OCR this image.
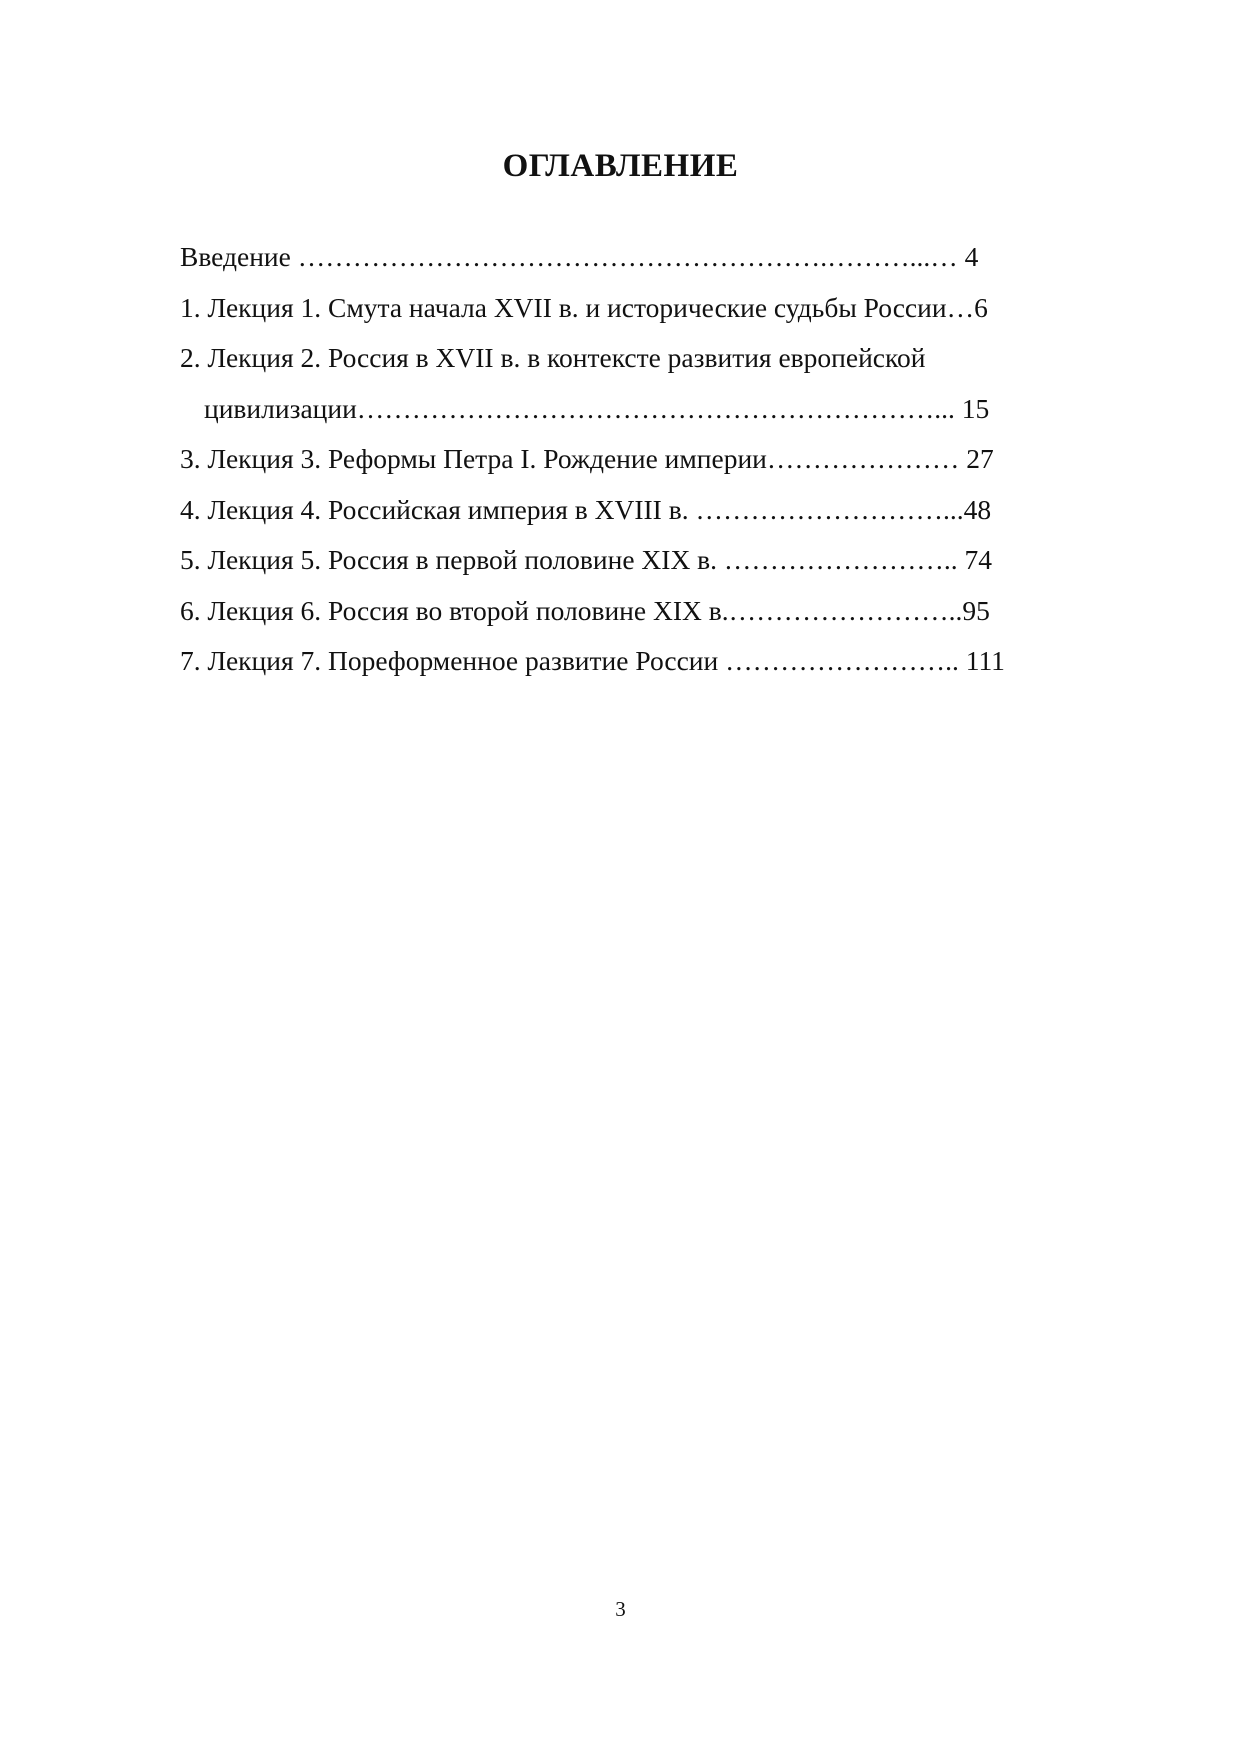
ОГЛАВЛЕНИЕ
Введение ………………………………………………….………...… 4
1. Лекция 1. Смута начала XVII в. и исторические судьбы России…6
2. Лекция 2. Россия в XVII в. в контексте развития европейской
цивилизации………………………………………………………... 15
3. Лекция 3. Реформы Петра I. Рождение империи………………… 27
4. Лекция 4. Российская империя в XVIII в. ………………………...48
5. Лекция 5. Россия в первой половине XIX в. …………………….. 74
6. Лекция 6. Россия во второй половине XIX в.……………………..95
7. Лекция 7. Пореформенное развитие России …………………….. 111
3
